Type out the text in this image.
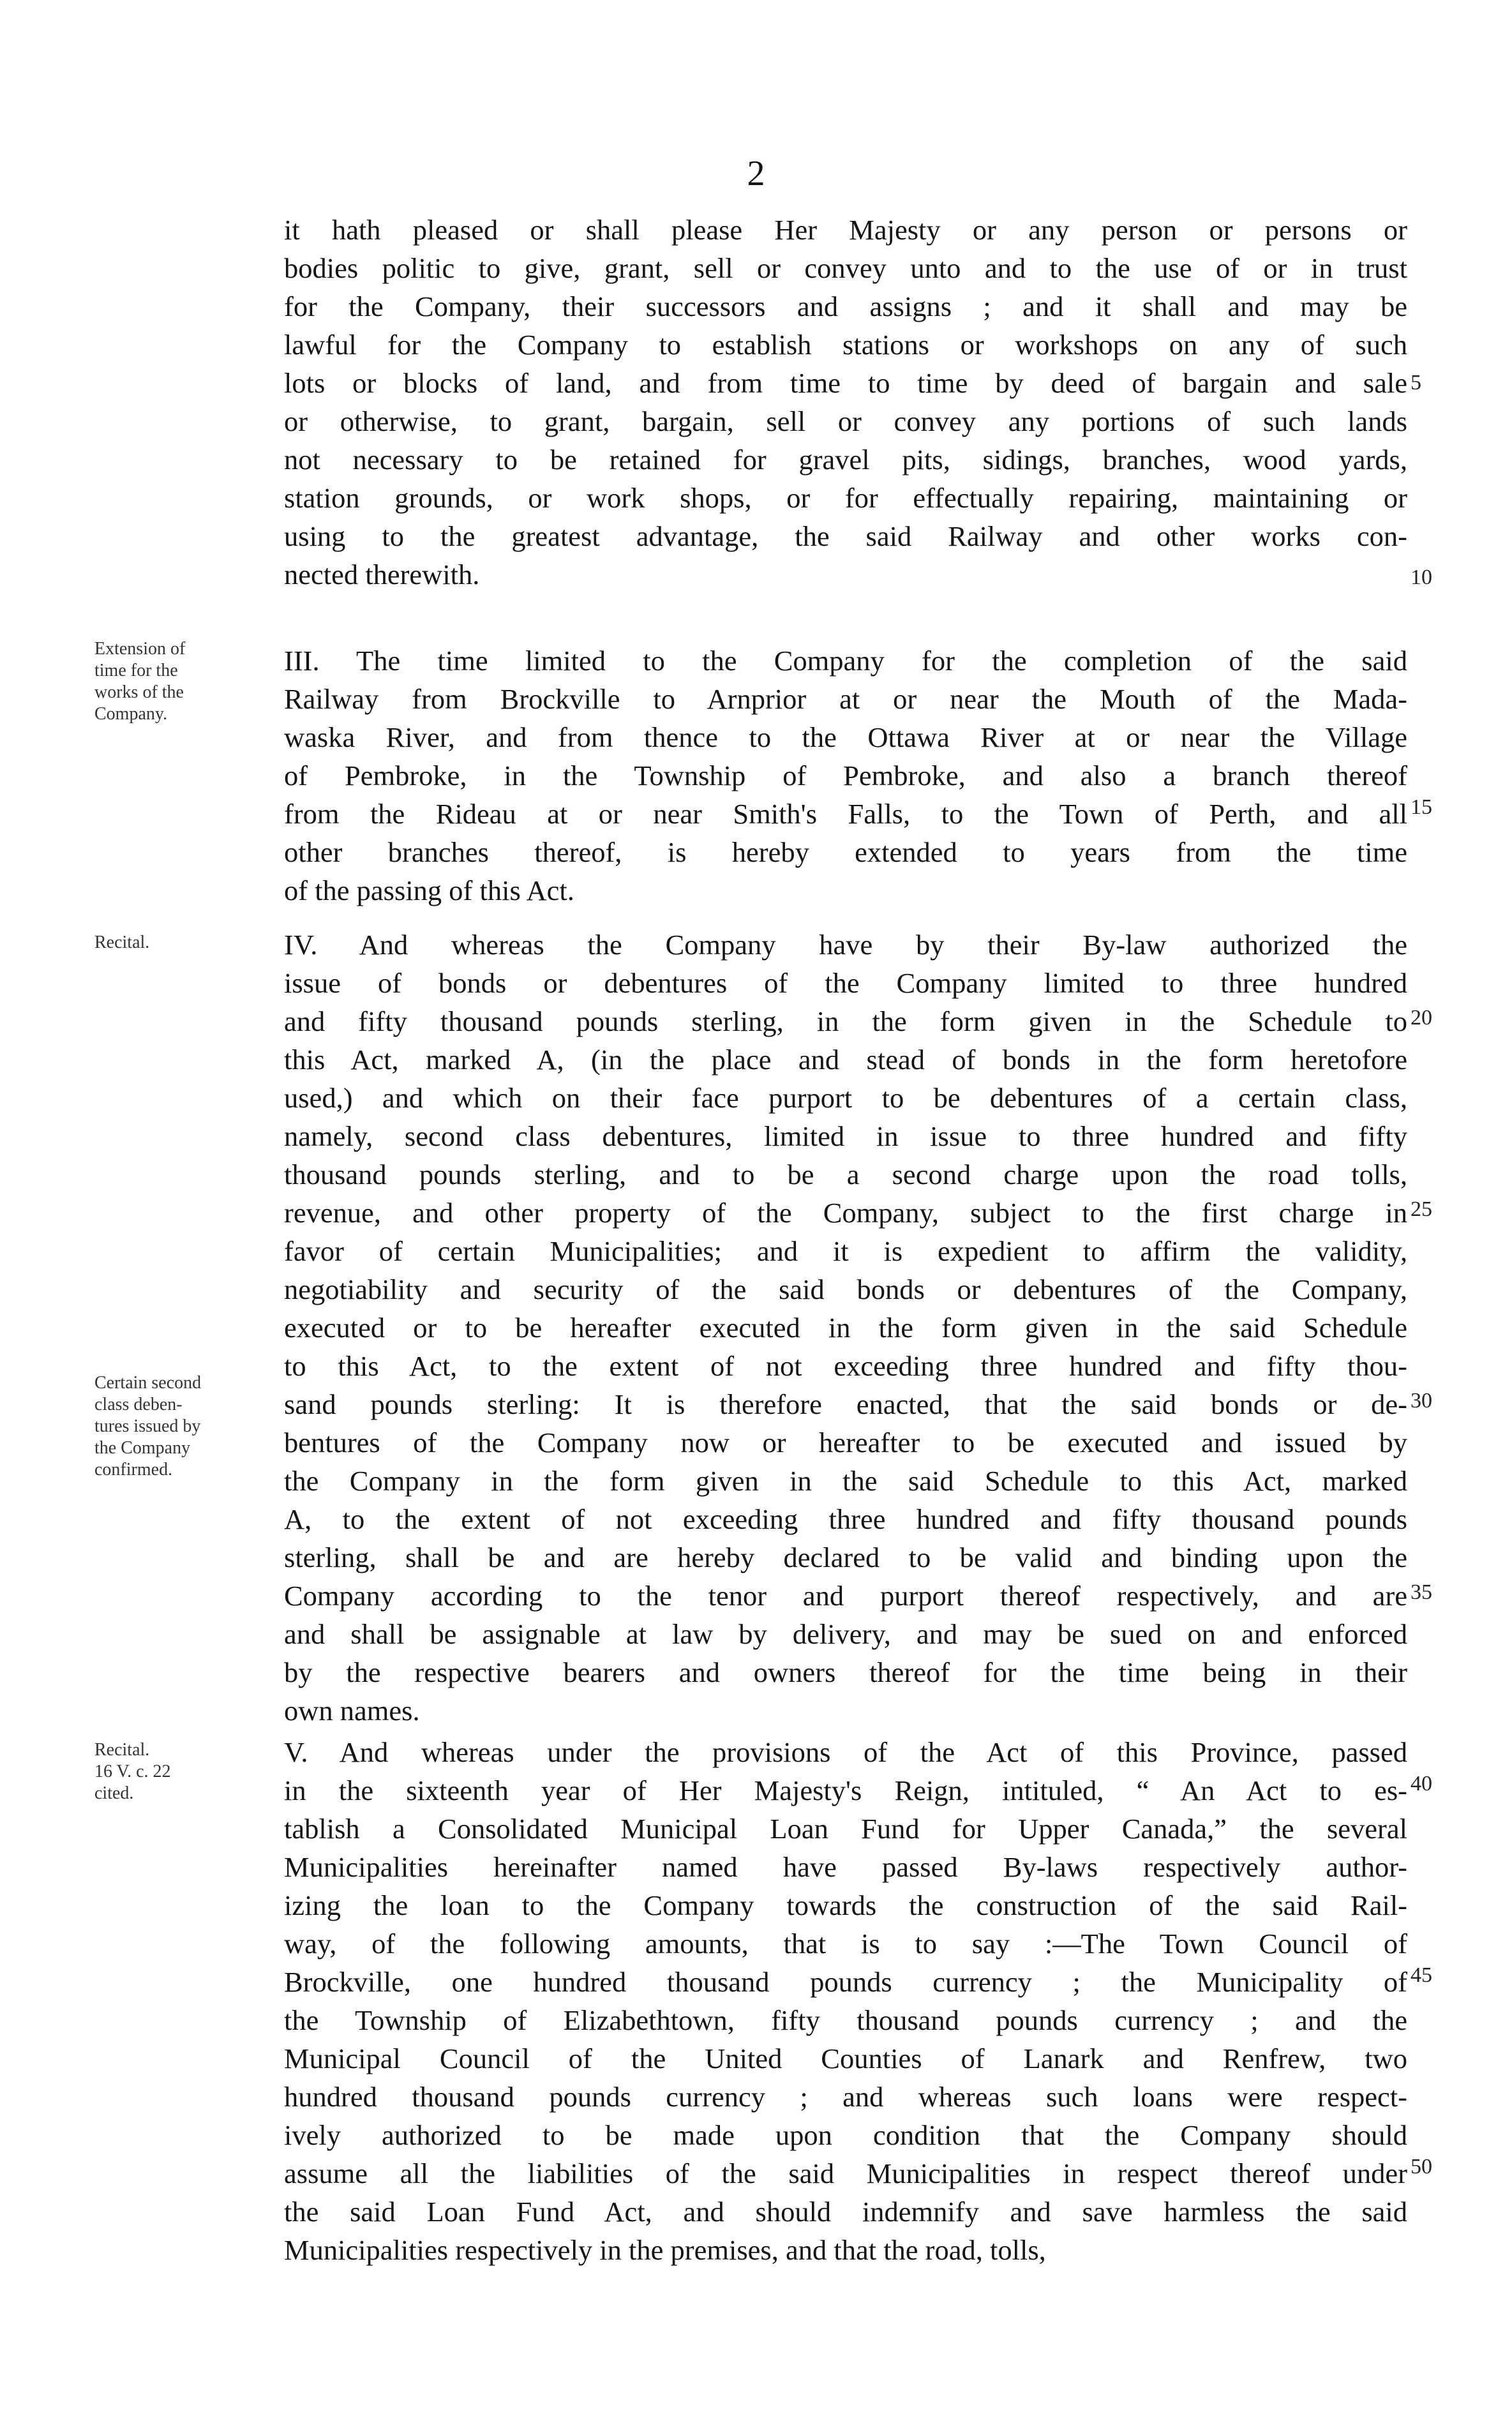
2
it hath pleased or shall please Her Majesty or any person or persons or
bodies politic to give, grant, sell or convey unto and to the use of or in trust
for the Company, their successors and assigns ; and it shall and may be
lawful for the Company to establish stations or workshops on any of such
lots or blocks of land, and from time to time by deed of bargain and sale
or otherwise, to grant, bargain, sell or convey any portions of such lands
not necessary to be retained for gravel pits, sidings, branches, wood yards,
station grounds, or work shops, or for effectually repairing, maintaining or
using to the greatest advantage, the said Railway and other works con-
nected therewith.
III. The time limited to the Company for the completion of the said
Railway from Brockville to Arnprior at or near the Mouth of the Mada-
waska River, and from thence to the Ottawa River at or near the Village
of Pembroke, in the Township of Pembroke, and also a branch thereof
from the Rideau at or near Smith's Falls, to the Town of Perth, and all
other branches thereof, is hereby extended to years from the time
of the passing of this Act.
IV. And whereas the Company have by their By-law authorized the
issue of bonds or debentures of the Company limited to three hundred
and fifty thousand pounds sterling, in the form given in the Schedule to
this Act, marked A, (in the place and stead of bonds in the form heretofore
used,) and which on their face purport to be debentures of a certain class,
namely, second class debentures, limited in issue to three hundred and fifty
thousand pounds sterling, and to be a second charge upon the road tolls,
revenue, and other property of the Company, subject to the first charge in
favor of certain Municipalities; and it is expedient to affirm the validity,
negotiability and security of the said bonds or debentures of the Company,
executed or to be hereafter executed in the form given in the said Schedule
to this Act, to the extent of not exceeding three hundred and fifty thou-
sand pounds sterling: It is therefore enacted, that the said bonds or de-
bentures of the Company now or hereafter to be executed and issued by
the Company in the form given in the said Schedule to this Act, marked
A, to the extent of not exceeding three hundred and fifty thousand pounds
sterling, shall be and are hereby declared to be valid and binding upon the
Company according to the tenor and purport thereof respectively, and are
and shall be assignable at law by delivery, and may be sued on and enforced
by the respective bearers and owners thereof for the time being in their
own names.
V. And whereas under the provisions of the Act of this Province, passed
in the sixteenth year of Her Majesty's Reign, intituled, “ An Act to es-
tablish a Consolidated Municipal Loan Fund for Upper Canada,” the several
Municipalities hereinafter named have passed By-laws respectively author-
izing the loan to the Company towards the construction of the said Rail-
way, of the following amounts, that is to say :—The Town Council of
Brockville, one hundred thousand pounds currency ; the Municipality of
the Township of Elizabethtown, fifty thousand pounds currency ; and the
Municipal Council of the United Counties of Lanark and Renfrew, two
hundred thousand pounds currency ; and whereas such loans were respect-
ively authorized to be made upon condition that the Company should
assume all the liabilities of the said Municipalities in respect thereof under
the said Loan Fund Act, and should indemnify and save harmless the said
Municipalities respectively in the premises, and that the road, tolls,
Extension of
time for the
works of the
Company.
Recital.
Certain second
class deben-
tures issued by
the Company
confirmed.
Recital.
16 V. c. 22
cited.
5
10
15
20
25
30
35
40
45
50
